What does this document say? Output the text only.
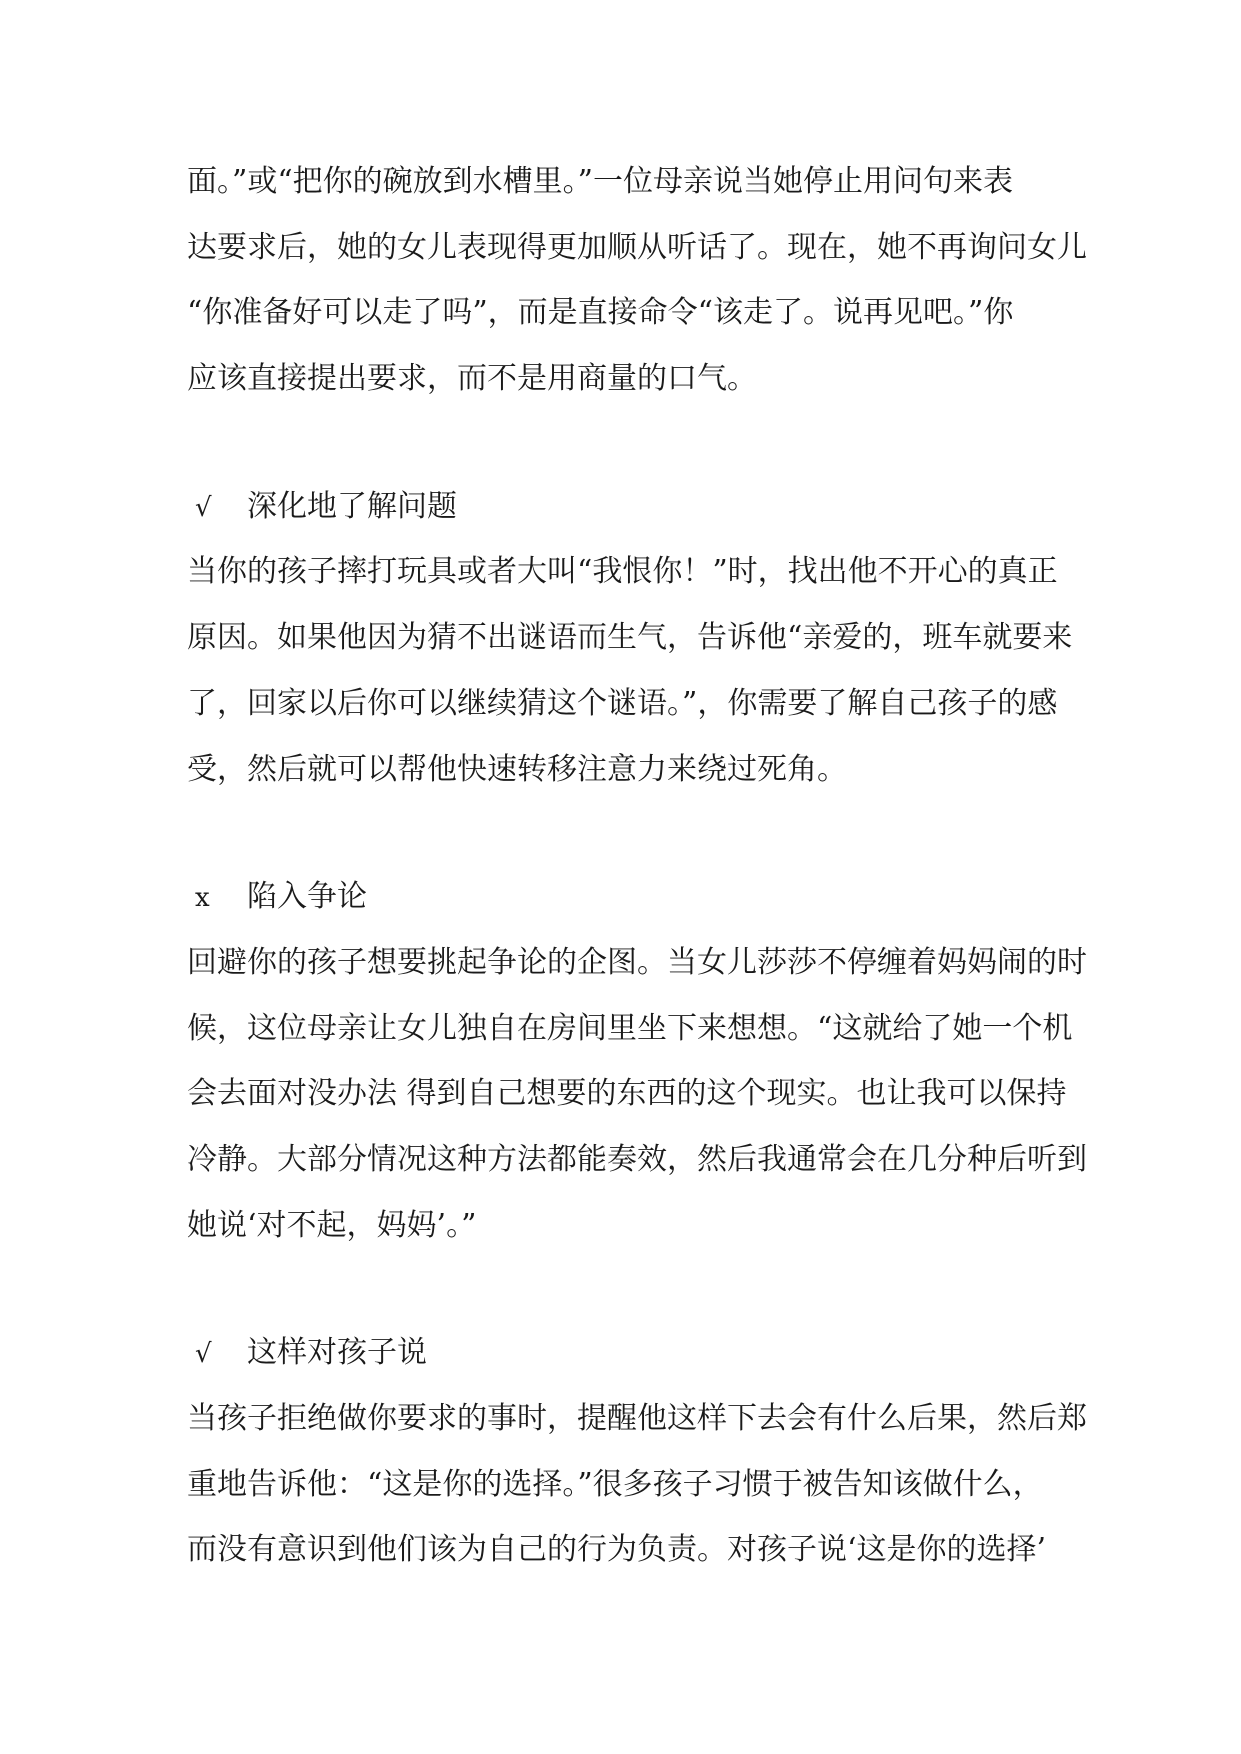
面。”或“把你的碗放到水槽里。”一位母亲说当她停止用问句来表
达要求后，她的女儿表现得更加顺从听话了。现在，她不再询问女儿
“你准备好可以走了吗”，而是直接命令“该走了。说再见吧。”你
应该直接提出要求，而不是用商量的口气。
√ 深化地了解问题
当你的孩子摔打玩具或者大叫“我恨你！”时，找出他不开心的真正
原因。如果他因为猜不出谜语而生气，告诉他“亲爱的，班车就要来
了，回家以后你可以继续猜这个谜语。”，你需要了解自己孩子的感
受，然后就可以帮他快速转移注意力来绕过死角。
x 陷入争论
回避你的孩子想要挑起争论的企图。当女儿莎莎不停缠着妈妈闹的时
候，这位母亲让女儿独自在房间里坐下来想想。“这就给了她一个机
会去面对没办法 得到自己想要的东西的这个现实。也让我可以保持
冷静。大部分情况这种方法都能奏效，然后我通常会在几分种后听到
她说‘对不起，妈妈’。”
√ 这样对孩子说
当孩子拒绝做你要求的事时，提醒他这样下去会有什么后果，然后郑
重地告诉他：“这是你的选择。”很多孩子习惯于被告知该做什么，
而没有意识到他们该为自己的行为负责。对孩子说‘这是你的选择’
